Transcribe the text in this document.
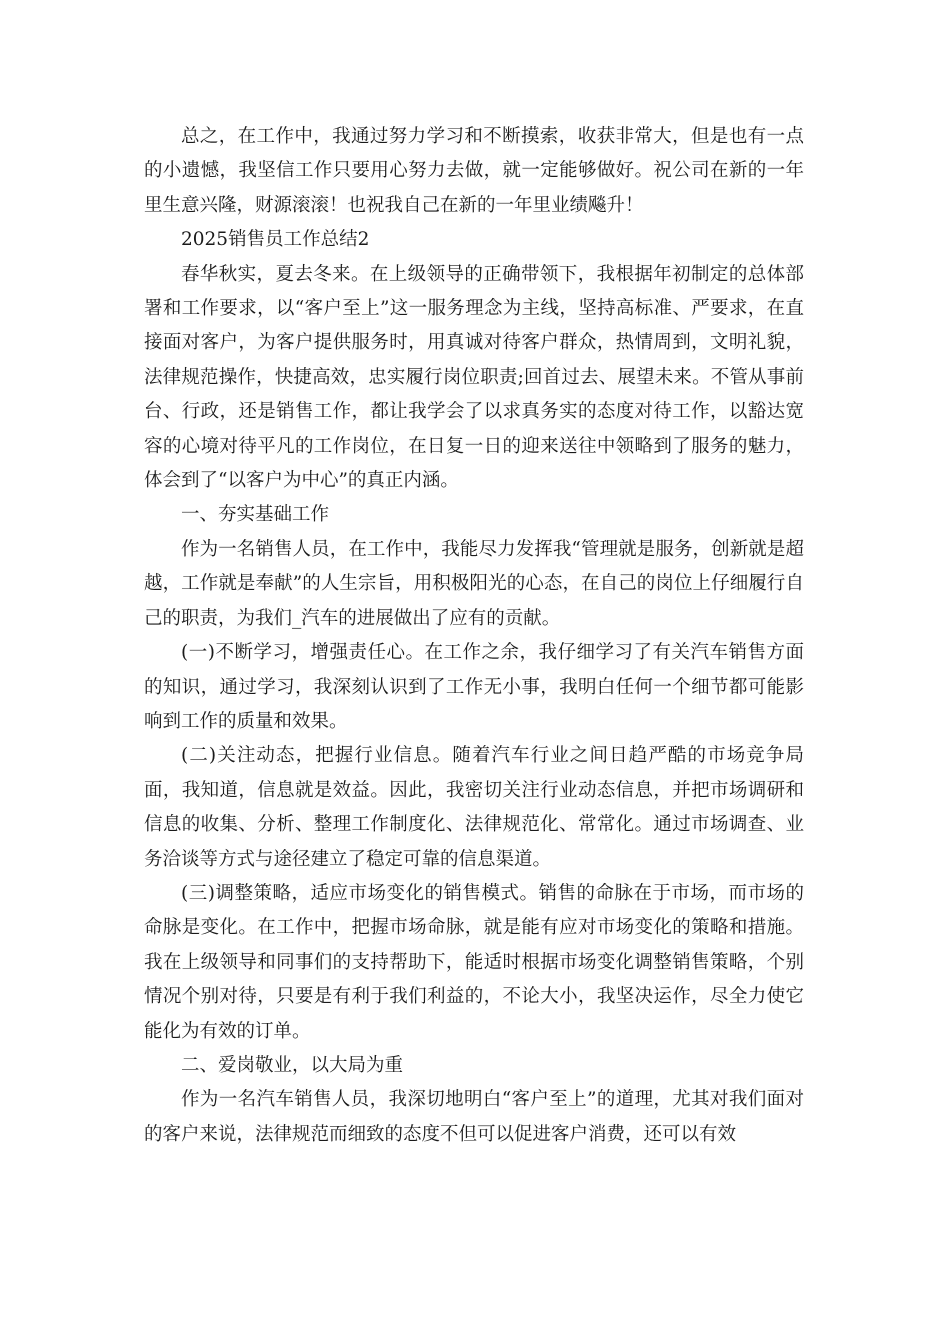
总之，在工作中，我通过努力学习和不断摸索，收获非常大，但是也有一点的小遗憾，我坚信工作只要用心努力去做，就一定能够做好。祝公司在新的一年里生意兴隆，财源滚滚！也祝我自己在新的一年里业绩飚升！

2025销售员工作总结2

春华秋实，夏去冬来。在上级领导的正确带领下，我根据年初制定的总体部署和工作要求，以“客户至上”这一服务理念为主线，坚持高标准、严要求，在直接面对客户，为客户提供服务时，用真诚对待客户群众，热情周到，文明礼貌，法律规范操作，快捷高效，忠实履行岗位职责;回首过去、展望未来。不管从事前台、行政，还是销售工作，都让我学会了以求真务实的态度对待工作，以豁达宽容的心境对待平凡的工作岗位，在日复一日的迎来送往中领略到了服务的魅力，体会到了“以客户为中心”的真正内涵。

一、夯实基础工作

作为一名销售人员，在工作中，我能尽力发挥我“管理就是服务，创新就是超越，工作就是奉献”的人生宗旨，用积极阳光的心态，在自己的岗位上仔细履行自己的职责，为我们_汽车的进展做出了应有的贡献。

(一)不断学习，增强责任心。在工作之余，我仔细学习了有关汽车销售方面的知识，通过学习，我深刻认识到了工作无小事，我明白任何一个细节都可能影响到工作的质量和效果。

(二)关注动态，把握行业信息。随着汽车行业之间日趋严酷的市场竞争局面，我知道，信息就是效益。因此，我密切关注行业动态信息，并把市场调研和信息的收集、分析、整理工作制度化、法律规范化、常常化。通过市场调查、业务洽谈等方式与途径建立了稳定可靠的信息渠道。

(三)调整策略，适应市场变化的销售模式。销售的命脉在于市场，而市场的命脉是变化。在工作中，把握市场命脉，就是能有应对市场变化的策略和措施。我在上级领导和同事们的支持帮助下，能适时根据市场变化调整销售策略，个别情况个别对待，只要是有利于我们利益的，不论大小，我坚决运作，尽全力使它能化为有效的订单。

二、爱岗敬业，以大局为重

作为一名汽车销售人员，我深切地明白“客户至上”的道理，尤其对我们面对的客户来说，法律规范而细致的态度不但可以促进客户消费，还可以有效
